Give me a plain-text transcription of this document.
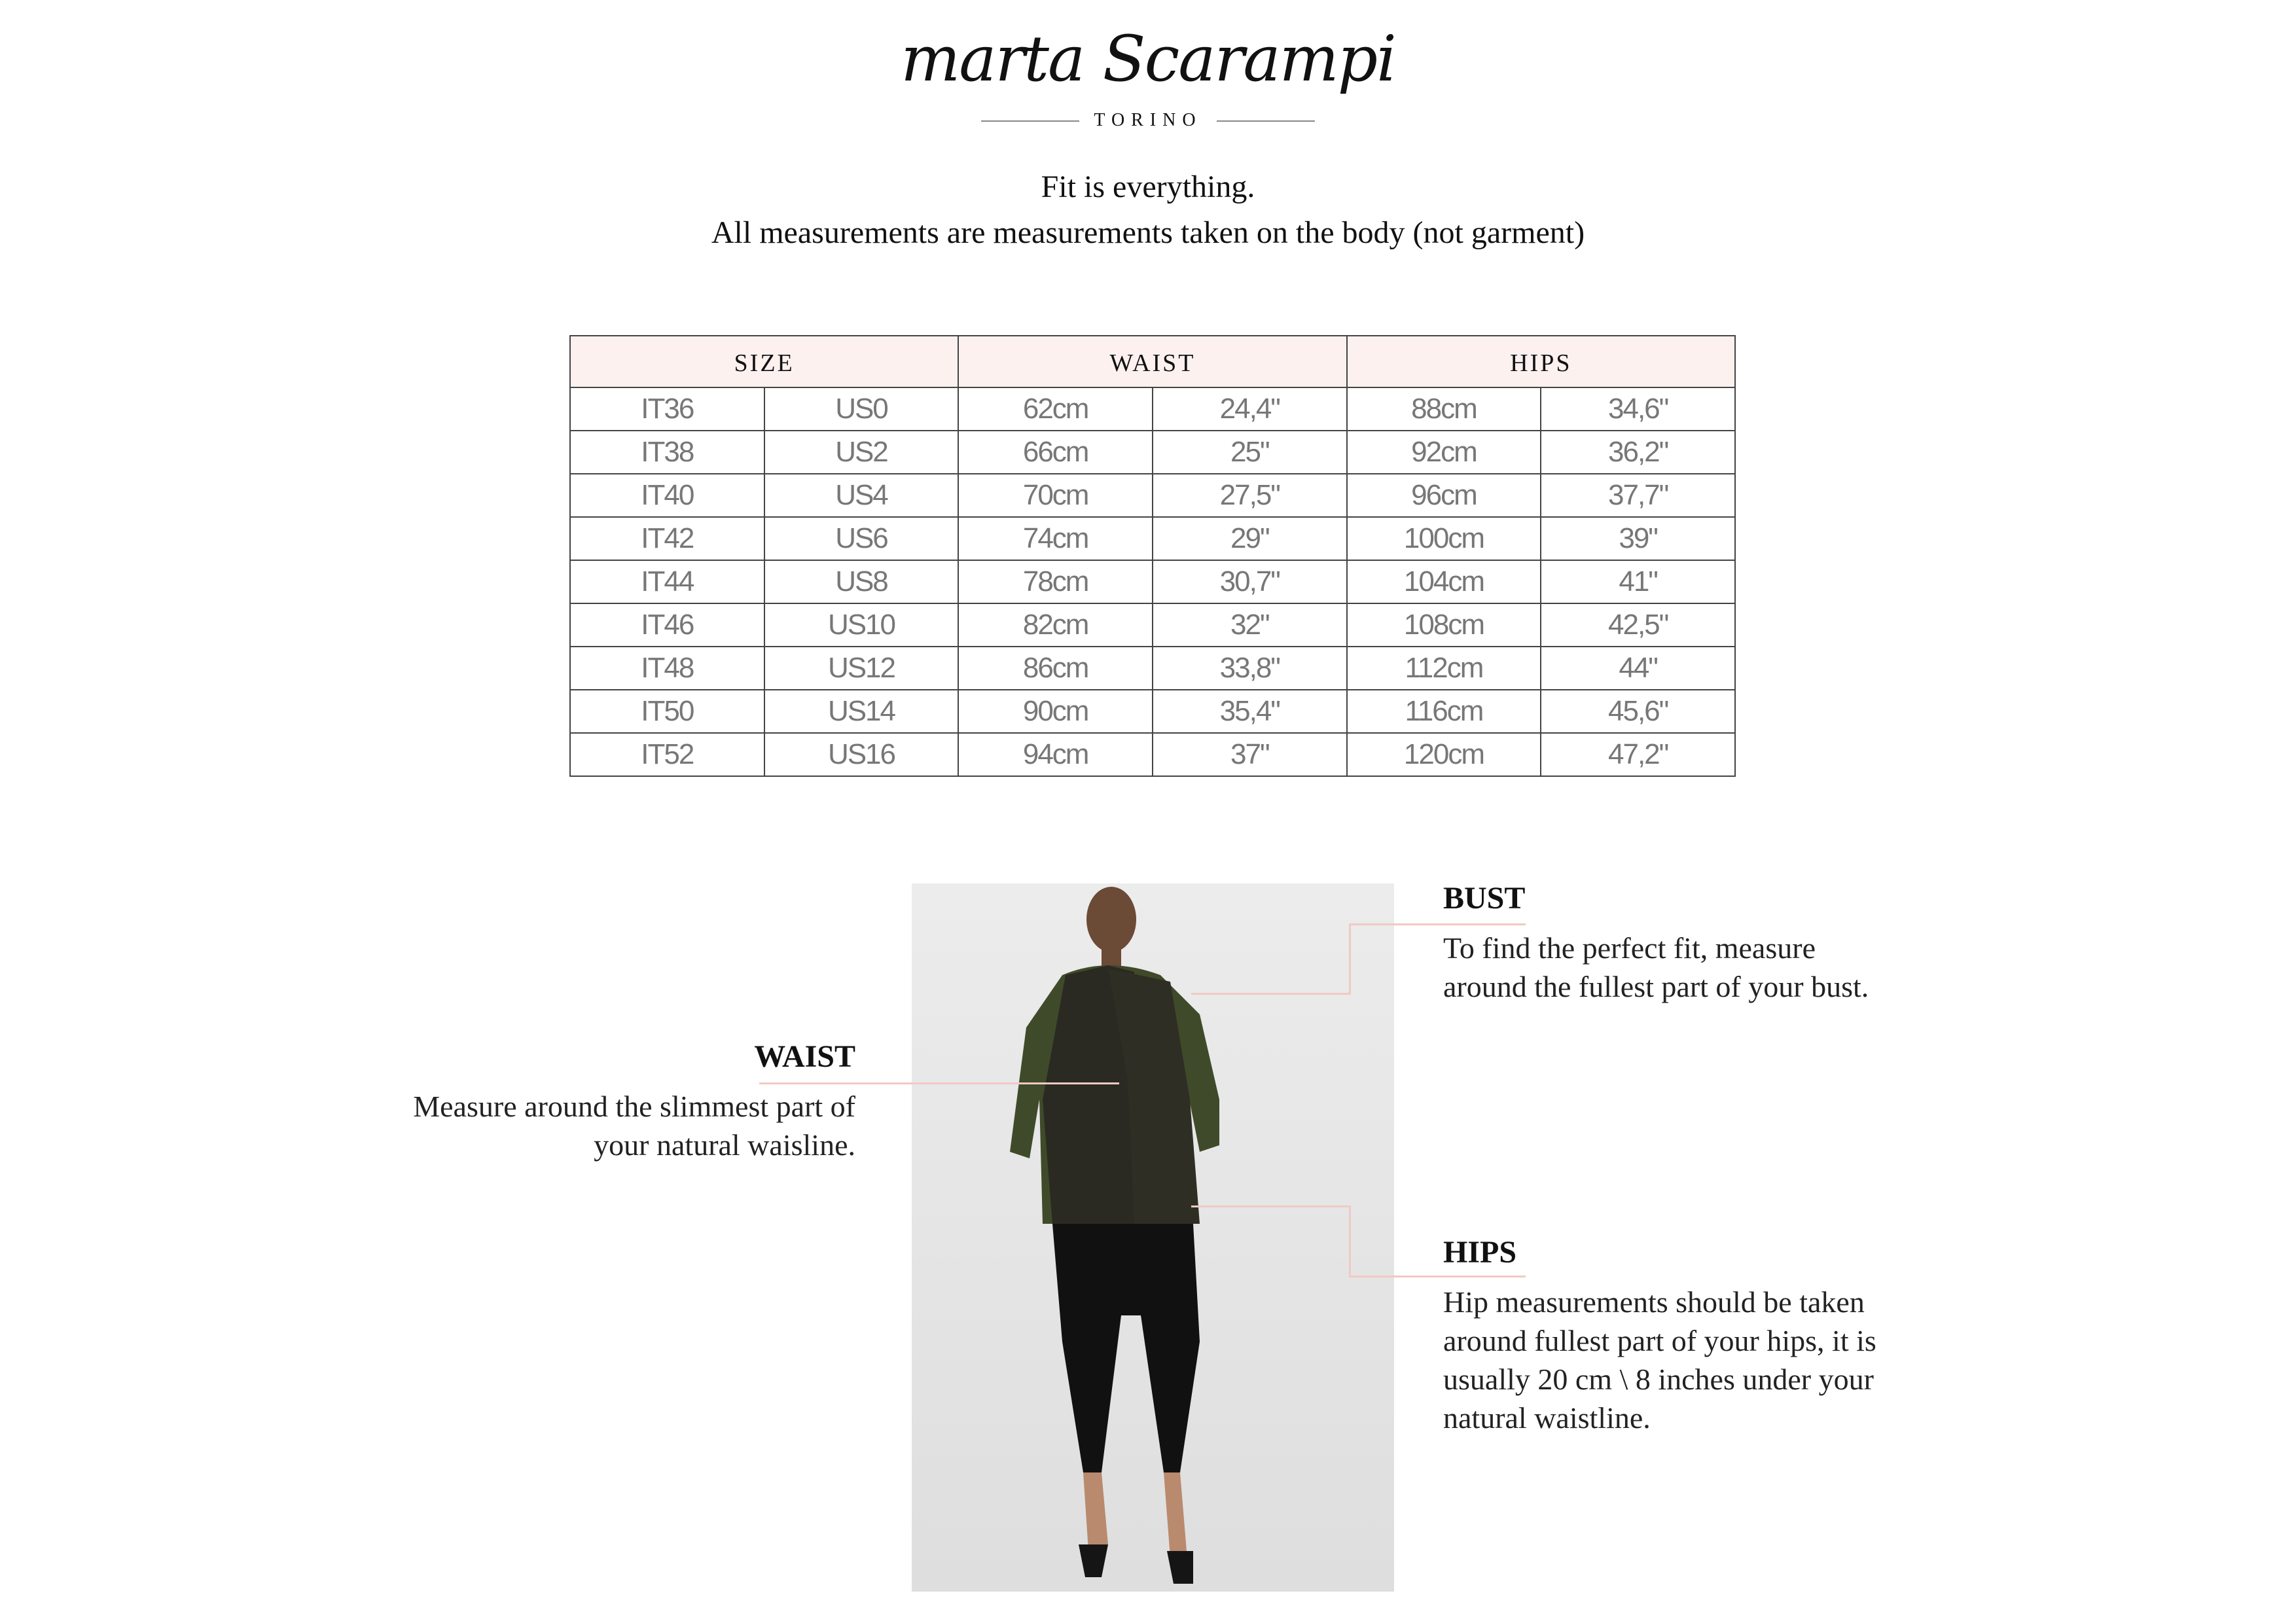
marta Scarampi
TORINO
Fit is everything.
All measurements are measurements taken on the body (not garment)
SIZE		WAIST		HIPS	
IT36	US0	62cm	24,4"	88cm	34,6"
IT38	US2	66cm	25"	92cm	36,2"
IT40	US4	70cm	27,5"	96cm	37,7"
IT42	US6	74cm	29"	100cm	39"
IT44	US8	78cm	30,7"	104cm	41"
IT46	US10	82cm	32"	108cm	42,5"
IT48	US12	86cm	33,8"	112cm	44"
IT50	US14	90cm	35,4"	116cm	45,6"
IT52	US16	94cm	37"	120cm	47,2"
BUST
To find the perfect fit, measure
around the fullest part of your bust.
WAIST
Measure around the slimmest part of
your natural waisline.
HIPS
Hip measurements should be taken
around fullest part of your hips, it is
usually 20 cm \ 8 inches under your
natural waistline.
